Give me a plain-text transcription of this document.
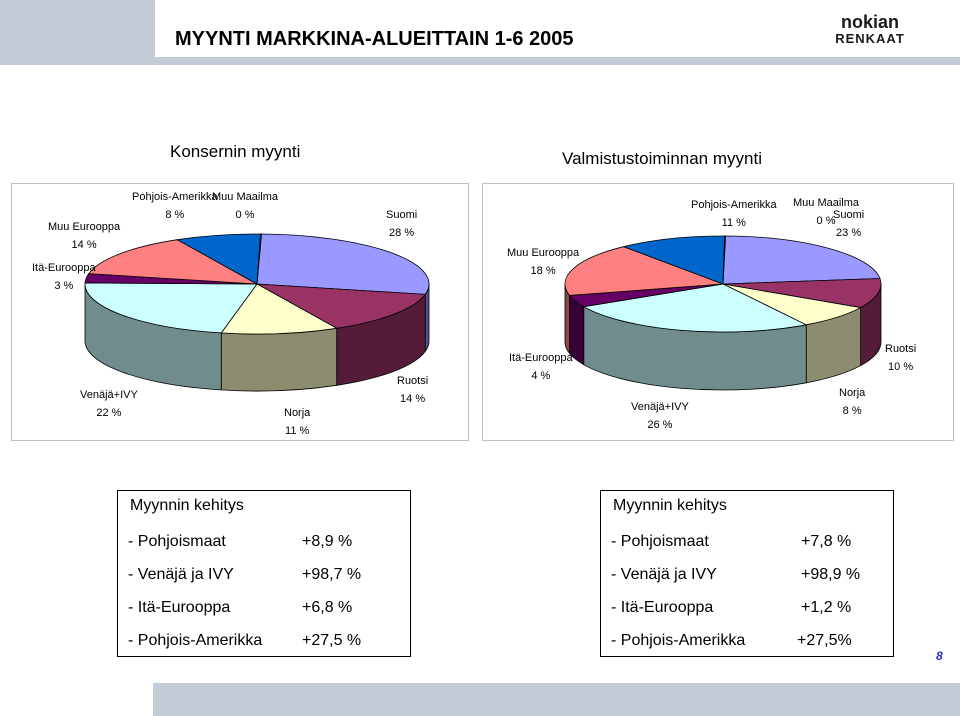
MYYNTI MARKKINA-ALUEITTAIN 1-6 2005
nokian
RENKAAT
Konsernin myynti
Muu Maailma
0 %
Pohjois-Amerikka
8 %
Muu Eurooppa
14 %
Itä-Eurooppa
3 %
Suomi
28 %
Ruotsi
14 %
Norja
11 %
Venäjä+IVY
22 %
Valmistustoiminnan myynti
Pohjois-Amerikka
11 %
Muu Maailma
0 %
Suomi
23 %
Muu Eurooppa
18 %
Itä-Eurooppa
4 %
Venäjä+IVY
26 %
Norja
8 %
Ruotsi
10 %
Myynnin kehitys
- Pohjoismaat	+8,9 %
- Venäjä ja IVY	+98,7 %
- Itä-Eurooppa	+6,8 %
- Pohjois-Amerikka +27,5 %
Myynnin kehitys
- Pohjoismaat	+7,8 %
- Venäjä ja IVY	+98,9 %
- Itä-Eurooppa	+1,2 %
- Pohjois-Amerikka	+27,5%
8
